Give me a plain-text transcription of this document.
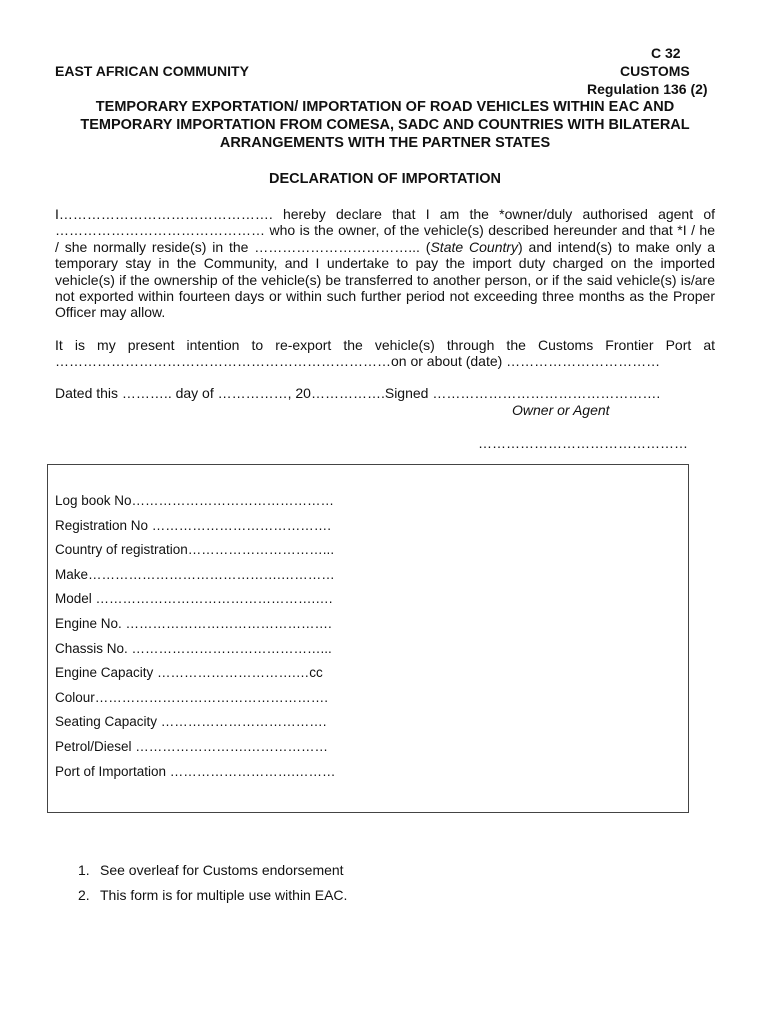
C 32
EAST AFRICAN COMMUNITY	CUSTOMS
Regulation 136 (2)
TEMPORARY EXPORTATION/ IMPORTATION OF ROAD VEHICLES WITHIN EAC AND
TEMPORARY IMPORTATION FROM COMESA, SADC AND COUNTRIES WITH BILATERAL
ARRANGEMENTS WITH THE PARTNER STATES
DECLARATION OF IMPORTATION
I………………………………………. hereby declare that I am the *owner/duly authorised agent of
……………………………………… who is the owner, of the vehicle(s) described hereunder and that *I / he
/ she normally reside(s) in the ……………………………... (State Country) and intend(s) to make only a
temporary stay in the Community, and I undertake to pay the import duty charged on the imported
vehicle(s) if the ownership of the vehicle(s) be transferred to another person, or if the said vehicle(s) is/are
not exported within fourteen days or within such further period not exceeding three months as the Proper
Officer may allow.
It is my present intention to re-export the vehicle(s) through the Customs Frontier Port at
………………………………………………………………on or about (date) ……………………………
Dated this ……….. day of ……………, 20…………….Signed ………………………………………….
Owner or Agent
………………………………………
Log book No………………………………………
Registration No ………………………………….
Country of registration…………………………...
Make…………………………………….…………
Model ………………………………………….….
Engine No. ……………………………………….
Chassis No. ……………………………………...
Engine Capacity ………………………….…cc
Colour…………………………………………….
Seating Capacity ……………………………….
Petrol/Diesel …………………….………………
Port of Importation ……………………….………
1. See overleaf for Customs endorsement
2. This form is for multiple use within EAC.
